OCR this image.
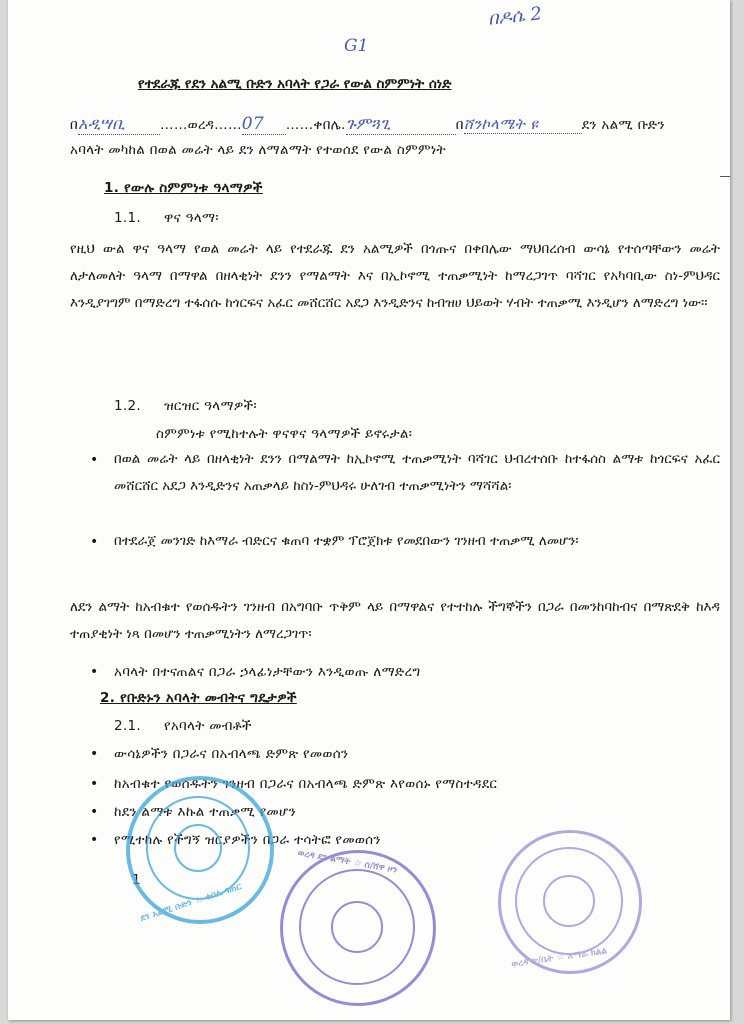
በዶሴ 2
G1
የተደራጁ የደን አልሚ ቡድን አባላት የጋራ የውል ስምምነት ሰነድ
በአዲሣቢ	……ወረዳ……07 ……ቀበሌ.ጉምጓጊ	በሸንኮላሜት ዩ	ደን አልሚ ቡድን
አባላት መካከል በወል መሬት ላይ ደን ለማልማት የተወሰደ የውል ስምምነት
1. የውሉ ስምምነቱ ዓላማዎች
1.1. ዋና ዓላማ፡
የዚህ ውል ዋና ዓላማ የወል መሬት ላይ የተደራጁ ደን አልሚዎች በጎጡና በቀበሌው ማህበረሰብ ውሳኔ የተሰጣቸውን መሬት ለታለመለት ዓላማ በማዋል በዘላቂነት ደንን የማልማት እና በኢኮኖሚ ተጠቃሚነት ከማረጋገጥ ባሻገር የአካባቢው ስነ-ምህዳር እንዲያገግም በማድረግ ተፋሰሱ ከጎርፍና አፈር መሸርሸር አደጋ እንዲድንና ከብዝሀ ህይወት ሃብት ተጠቃሚ እንዲሆን ለማድረግ ነው፡፡
1.2. ዝርዝር ዓላማዎች፡
ስምምነቱ የሚከተሉት ዋናዋና ዓላማዎች ይኖሩታል፡
• በወል መሬት ላይ በዘላቂነት ደንን በማልማት ከኢኮኖሚ ተጠቃሚነት ባሻገር ህብረተሰቡ ከተፋሰስ ልማቱ ከጎርፍና አፈር መሸርሸር አደጋ እንዲድንና አጠቃላይ ከስነ-ምህዳሩ ሁለገብ ተጠቃሚነትን ማሻሻል፡
• በተደራጀ መንገድ ከእማራ ብድርና ቁጠባ ተቋም ፕሮጀክቱ የመደበውን ገንዘብ ተጠቃሚ ለመሆን፡
ለደን ልማት ከአብቁተ የወሰዱትን ገንዘብ በአግባቡ ጥቅም ላይ በማዋልና የተተከሉ ችግኞችን በጋራ በመንከባከብና በማጽደቅ ከእዳ ተጠያቂነት ነጻ በመሆን ተጠቃሚነትን ለማረጋገጥ፡
• አባላት በተናጠልና በጋራ ኃላፊነታቸውን እንዲወጡ ለማድረግ
2. የቡድኑን አባላት መብትና ግዴታዎች
2.1. የአባላት መብቶች
• ውሳኔዎችን በጋራና በአብላጫ ድምጽ የመወሰን
• ከአብቁተ የወሰዱትን ገንዘብ በጋራና በአብላጫ ድምጽ እየወሰኑ የማስተዳደር
• ከደን ልማቱ እኩል ተጠቃሚ የመሆን
• የሚተከሉ የችግኝ ዝርያዎችን በጋራ ተሳትፎ የመወሰን
1
ደን አልሚ ቡድን ☆ ቀበሌ ገጠር
ወረዳ ደን ልማት ☆ ሰ/ሸዋ ዞን
ወረዳ ጽ/ቤት ☆ አማራ ክልል
